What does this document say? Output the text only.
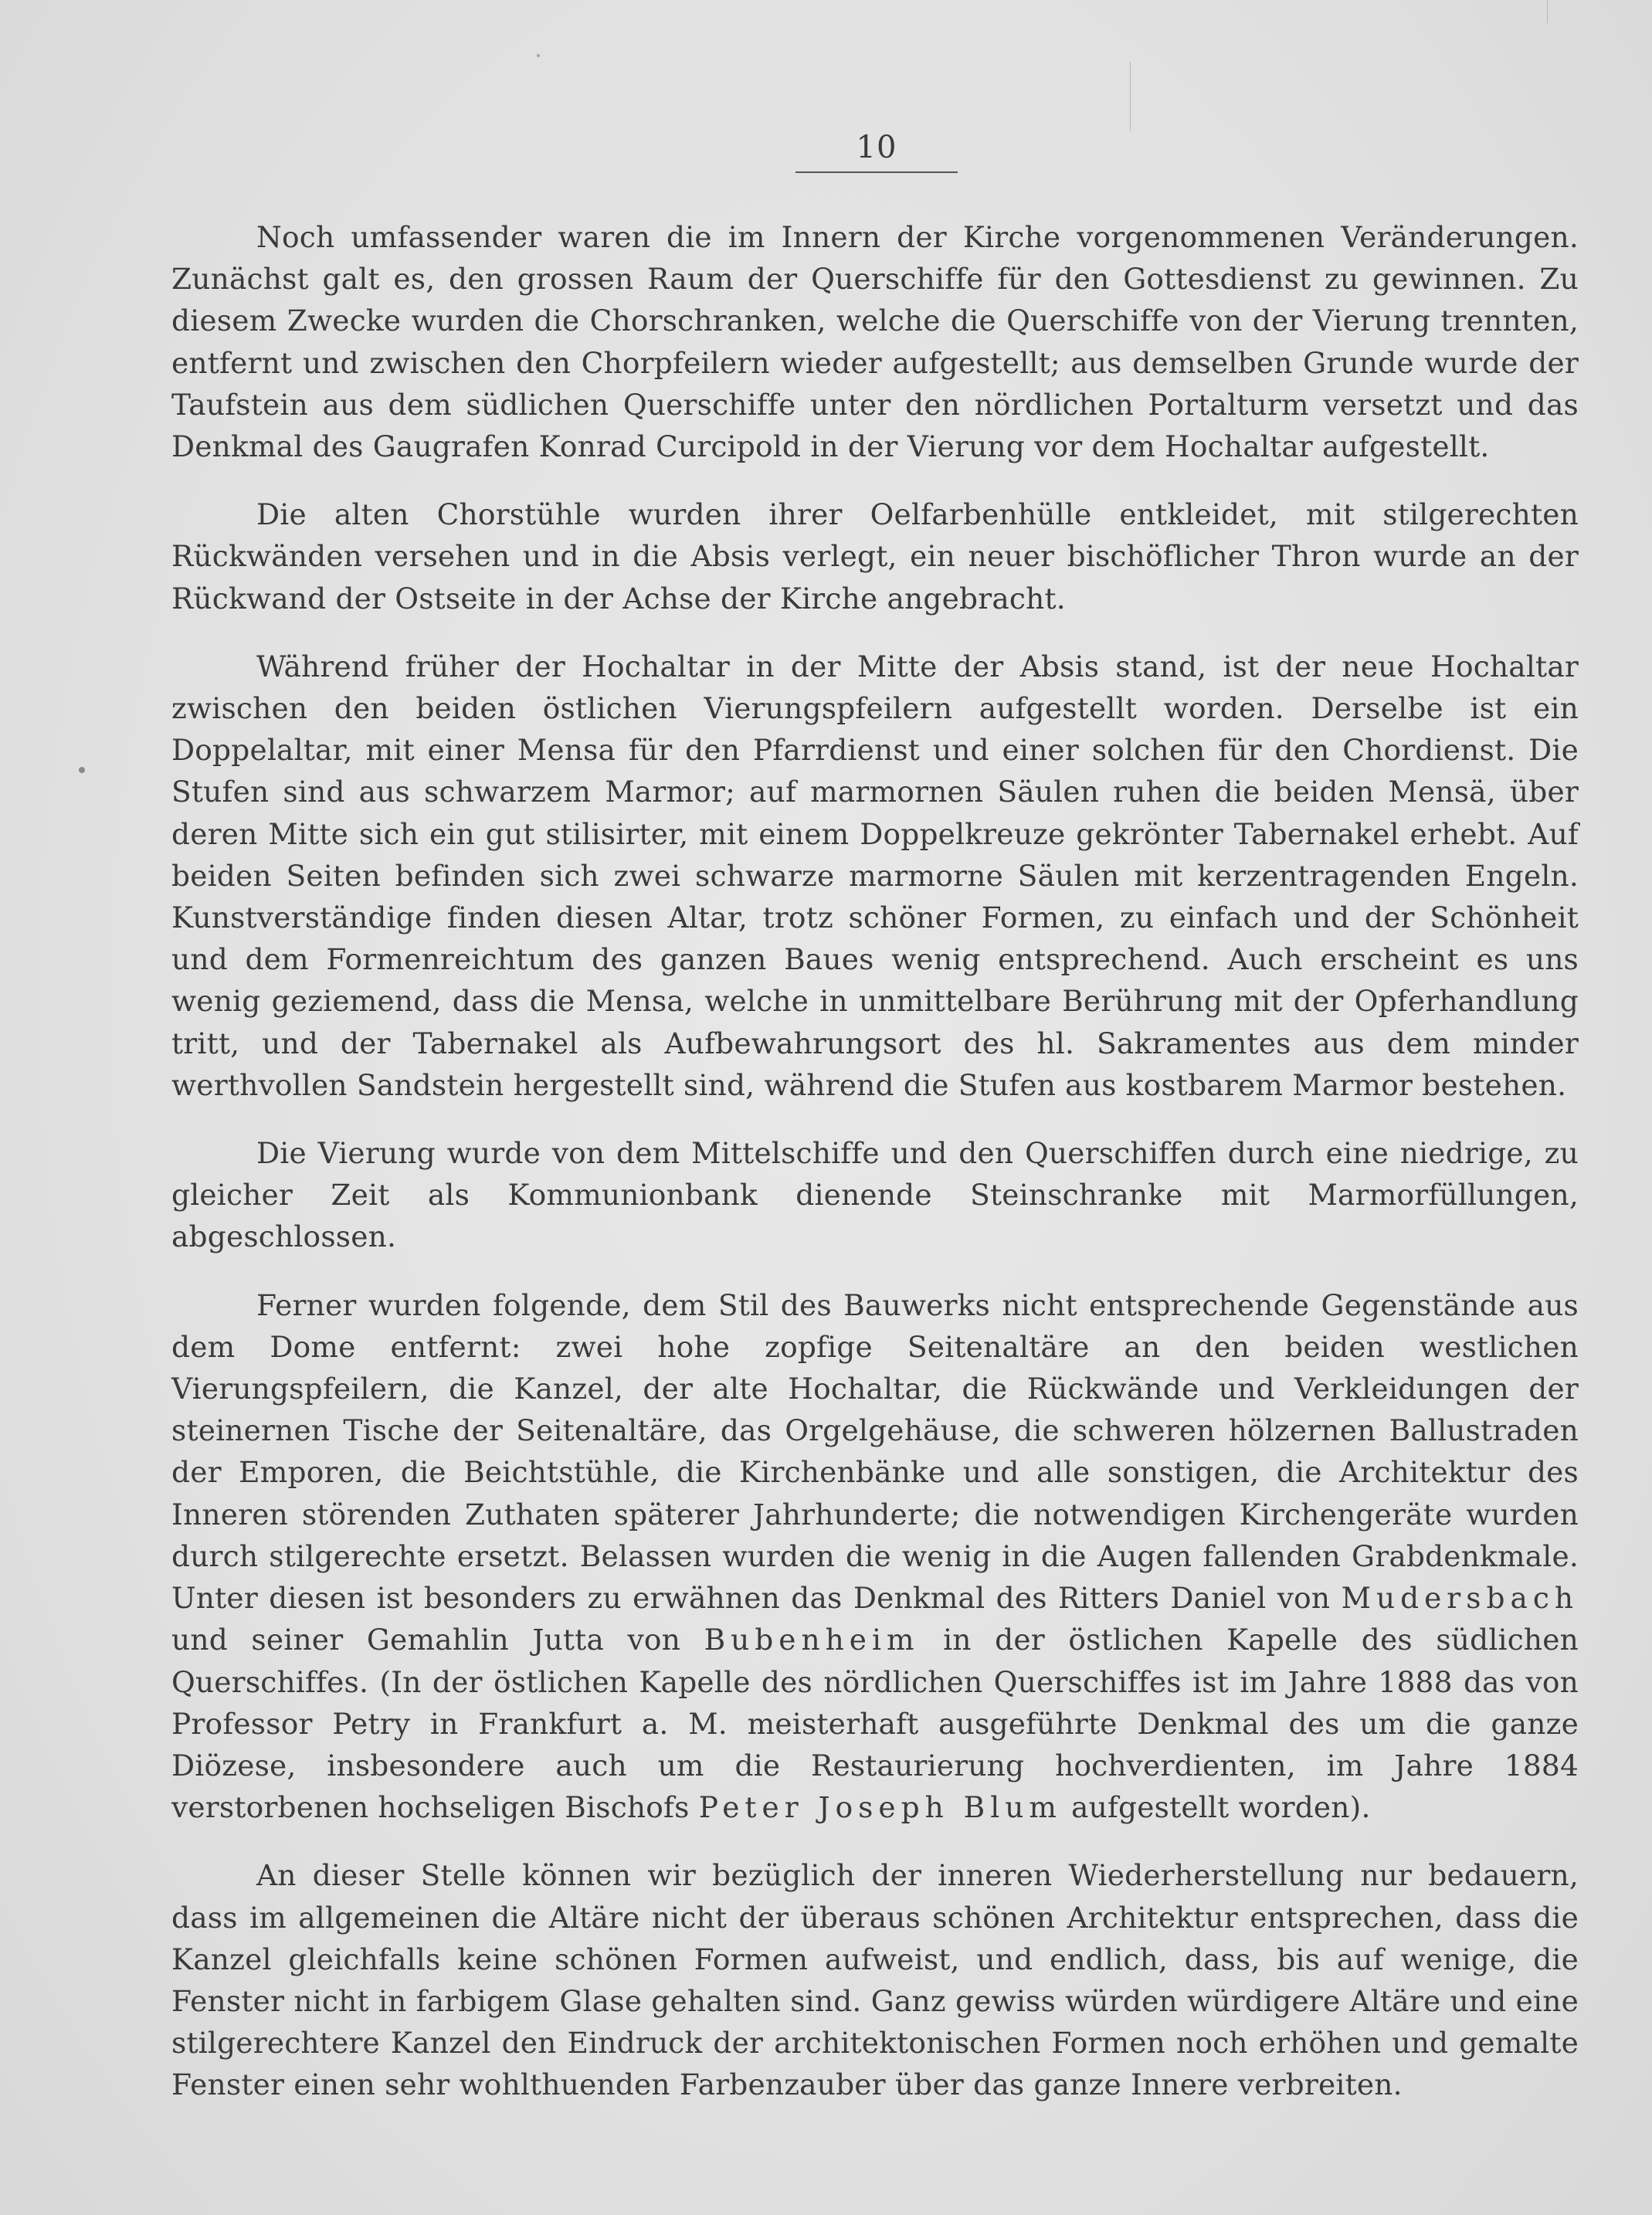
10

Noch umfassender waren die im Innern der Kirche vorgenommenen Veränderungen. Zunächst galt es, den grossen Raum der Querschiffe für den Gottesdienst zu gewinnen. Zu diesem Zwecke wurden die Chorschranken, welche die Querschiffe von der Vierung trennten, entfernt und zwischen den Chorpfeilern wieder aufgestellt; aus demselben Grunde wurde der Taufstein aus dem südlichen Querschiffe unter den nördlichen Portalturm versetzt und das Denkmal des Gaugrafen Konrad Curcipold in der Vierung vor dem Hochaltar aufgestellt.

Die alten Chorstühle wurden ihrer Oelfarbenhülle entkleidet, mit stilgerechten Rückwänden versehen und in die Absis verlegt, ein neuer bischöflicher Thron wurde an der Rückwand der Ostseite in der Achse der Kirche angebracht.

Während früher der Hochaltar in der Mitte der Absis stand, ist der neue Hochaltar zwischen den beiden östlichen Vierungspfeilern aufgestellt worden. Derselbe ist ein Doppelaltar, mit einer Mensa für den Pfarrdienst und einer solchen für den Chordienst. Die Stufen sind aus schwarzem Marmor; auf marmornen Säulen ruhen die beiden Mensä, über deren Mitte sich ein gut stilisirter, mit einem Doppelkreuze gekrönter Tabernakel erhebt. Auf beiden Seiten befinden sich zwei schwarze marmorne Säulen mit kerzentragenden Engeln. Kunstverständige finden diesen Altar, trotz schöner Formen, zu einfach und der Schönheit und dem Formenreichtum des ganzen Baues wenig entsprechend. Auch erscheint es uns wenig geziemend, dass die Mensa, welche in unmittelbare Berührung mit der Opferhandlung tritt, und der Tabernakel als Aufbewahrungsort des hl. Sakramentes aus dem minder werthvollen Sandstein hergestellt sind, während die Stufen aus kostbarem Marmor bestehen.

Die Vierung wurde von dem Mittelschiffe und den Querschiffen durch eine niedrige, zu gleicher Zeit als Kommunionbank dienende Steinschranke mit Marmorfüllungen, abgeschlossen.

Ferner wurden folgende, dem Stil des Bauwerks nicht entsprechende Gegenstände aus dem Dome entfernt: zwei hohe zopfige Seitenaltäre an den beiden westlichen Vierungspfeilern, die Kanzel, der alte Hochaltar, die Rückwände und Verkleidungen der steinernen Tische der Seitenaltäre, das Orgelgehäuse, die schweren hölzernen Ballustraden der Emporen, die Beichtstühle, die Kirchenbänke und alle sonstigen, die Architektur des Inneren störenden Zuthaten späterer Jahrhunderte; die notwendigen Kirchengeräte wurden durch stilgerechte ersetzt. Belassen wurden die wenig in die Augen fallenden Grabdenkmale. Unter diesen ist besonders zu erwähnen das Denkmal des Ritters Daniel von Mudersbach und seiner Gemahlin Jutta von Bubenheim in der östlichen Kapelle des südlichen Querschiffes. (In der östlichen Kapelle des nördlichen Querschiffes ist im Jahre 1888 das von Professor Petry in Frankfurt a. M. meisterhaft ausgeführte Denkmal des um die ganze Diözese, insbesondere auch um die Restaurierung hochverdienten, im Jahre 1884 verstorbenen hochseligen Bischofs Peter Joseph Blum aufgestellt worden).

An dieser Stelle können wir bezüglich der inneren Wiederherstellung nur bedauern, dass im allgemeinen die Altäre nicht der überaus schönen Architektur entsprechen, dass die Kanzel gleichfalls keine schönen Formen aufweist, und endlich, dass, bis auf wenige, die Fenster nicht in farbigem Glase gehalten sind. Ganz gewiss würden würdigere Altäre und eine stilgerechtere Kanzel den Eindruck der architektonischen Formen noch erhöhen und gemalte Fenster einen sehr wohlthuenden Farbenzauber über das ganze Innere verbreiten.
